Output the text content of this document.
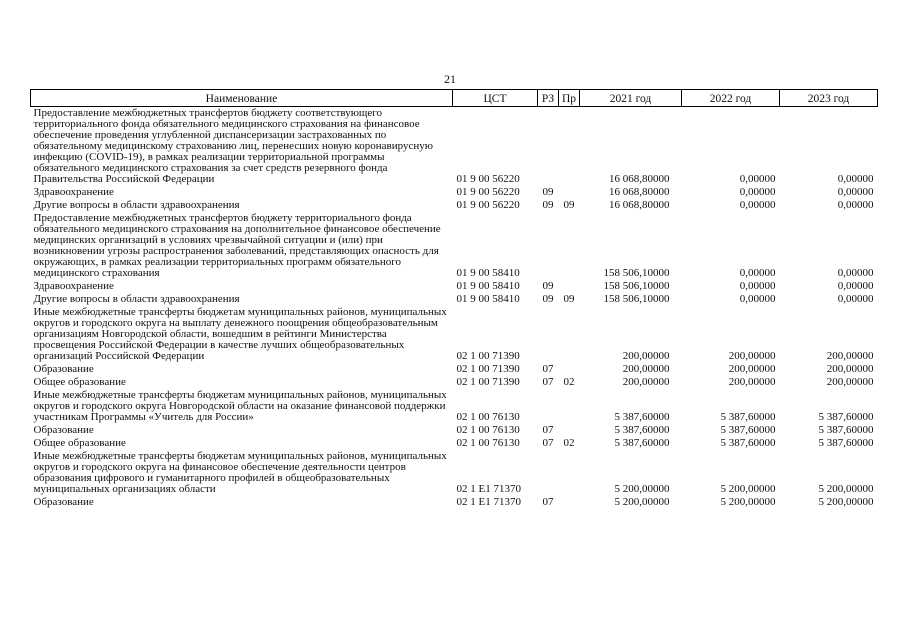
21
Наименование	ЦСТ	РЗ	Пр	2021 год	2022 год	2023 год
Предоставление межбюджетных трансфертов бюджету соответствующего территориального фонда обязательного медицинского страхования на финансовое обеспечение проведения углубленной диспансеризации застрахованных по обязательному медицинскому страхованию лиц, перенесших новую коронавирусную инфекцию (COVID-19), в рамках реализации территориальной программы обязательного медицинского страхования за счет средств резервного фонда Правительства Российской Федерации	01 9 00 56220			16 068,80000	0,00000	0,00000
Здравоохранение	01 9 00 56220	09		16 068,80000	0,00000	0,00000
Другие вопросы в области здравоохранения	01 9 00 56220	09	09	16 068,80000	0,00000	0,00000
Предоставление межбюджетных трансфертов бюджету территориального фонда обязательного медицинского страхования на дополнительное финансовое обеспечение медицинских организаций в условиях чрезвычайной ситуации и (или) при возникновении угрозы распространения заболеваний, представляющих опасность для окружающих, в рамках реализации территориальных программ обязательного медицинского страхования	01 9 00 58410			158 506,10000	0,00000	0,00000
Здравоохранение	01 9 00 58410	09		158 506,10000	0,00000	0,00000
Другие вопросы в области здравоохранения	01 9 00 58410	09	09	158 506,10000	0,00000	0,00000
Иные межбюджетные трансферты бюджетам муниципальных районов, муниципальных округов и городского округа на выплату денежного поощрения общеобразовательным организациям Новгородской области, вошедшим в рейтинги Министерства просвещения Российской Федерации в качестве лучших общеобразовательных организаций Российской Федерации	02 1 00 71390			200,00000	200,00000	200,00000
Образование	02 1 00 71390	07		200,00000	200,00000	200,00000
Общее образование	02 1 00 71390	07	02	200,00000	200,00000	200,00000
Иные межбюджетные трансферты бюджетам муниципальных районов, муниципальных округов и городского округа Новгородской области на оказание финансовой поддержки участникам Программы «Учитель для России»	02 1 00 76130			5 387,60000	5 387,60000	5 387,60000
Образование	02 1 00 76130	07		5 387,60000	5 387,60000	5 387,60000
Общее образование	02 1 00 76130	07	02	5 387,60000	5 387,60000	5 387,60000
Иные межбюджетные трансферты бюджетам муниципальных районов, муниципальных округов и городского округа на финансовое обеспечение деятельности центров образования цифрового и гуманитарного профилей в общеобразовательных муниципальных организациях области	02 1 E1 71370			5 200,00000	5 200,00000	5 200,00000
Образование	02 1 E1 71370	07		5 200,00000	5 200,00000	5 200,00000
